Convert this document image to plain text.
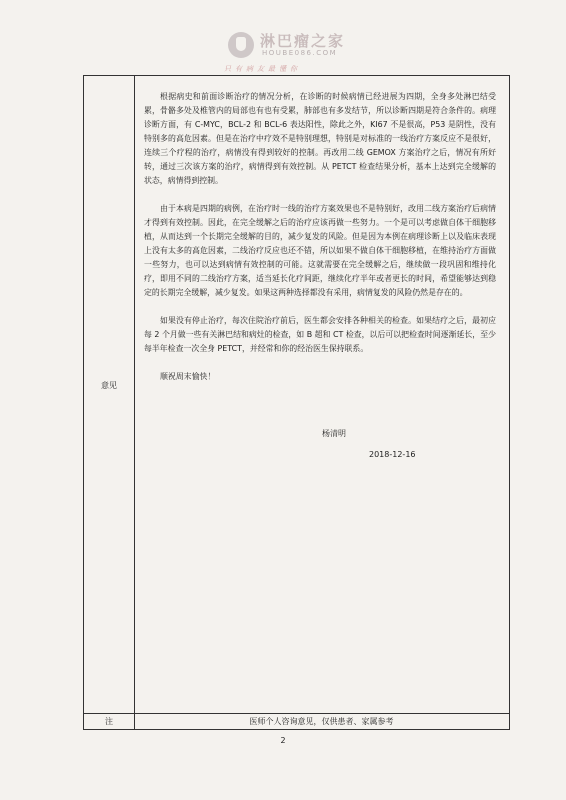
淋巴瘤之家
HOUBE086.COM
只有病友最懂你
意见
注

根据病史和前面诊断治疗的情况分析，在诊断的时候病情已经进展为四期，全身多处淋巴结受累，骨骼多处及椎管内的局部也有也有受累，肺部也有多发结节，所以诊断四期是符合条件的。病理诊断方面，有 C-MYC，BCL-2 和 BCL-6 表达阳性，除此之外，KI67 不是很高，P53 是阴性，没有特别多的高危因素。但是在治疗中疗效不是特别理想，特别是对标准的一线治疗方案反应不是很好，连续三个疗程的治疗，病情没有得到较好的控制。再改用二线 GEMOX 方案治疗之后，情况有所好转，通过三次该方案的治疗，病情得到有效控制。从 PETCT 检查结果分析，基本上达到完全缓解的状态，病情得到控制。

由于本病是四期的病例，在治疗时一线的治疗方案效果也不是特别好，改用二线方案治疗后病情才得到有效控制。因此，在完全缓解之后的治疗应该再做一些努力。一个是可以考虑做自体干细胞移植，从而达到一个长期完全缓解的目的，减少复发的风险。但是因为本例在病理诊断上以及临床表现上没有太多的高危因素，二线治疗反应也还不错，所以如果不做自体干细胞移植，在维持治疗方面做一些努力，也可以达到病情有效控制的可能。这就需要在完全缓解之后，继续做一段巩固和维持化疗，即用不同的二线治疗方案，适当延长化疗间距，继续化疗半年或者更长的时间，希望能够达到稳定的长期完全缓解，减少复发。如果这两种选择都没有采用，病情复发的风险仍然是存在的。

如果没有停止治疗，每次住院治疗前后，医生都会安排各种相关的检查。如果结疗之后，最初应每 2 个月做一些有关淋巴结和病灶的检查，如 B 超和 CT 检查，以后可以把检查时间逐渐延长，至少每半年检查一次全身 PETCT，并经常和你的经治医生保持联系。

顺祝周末愉快！

杨清明
2018-12-16
医师个人咨询意见，仅供患者、家属参考
2
